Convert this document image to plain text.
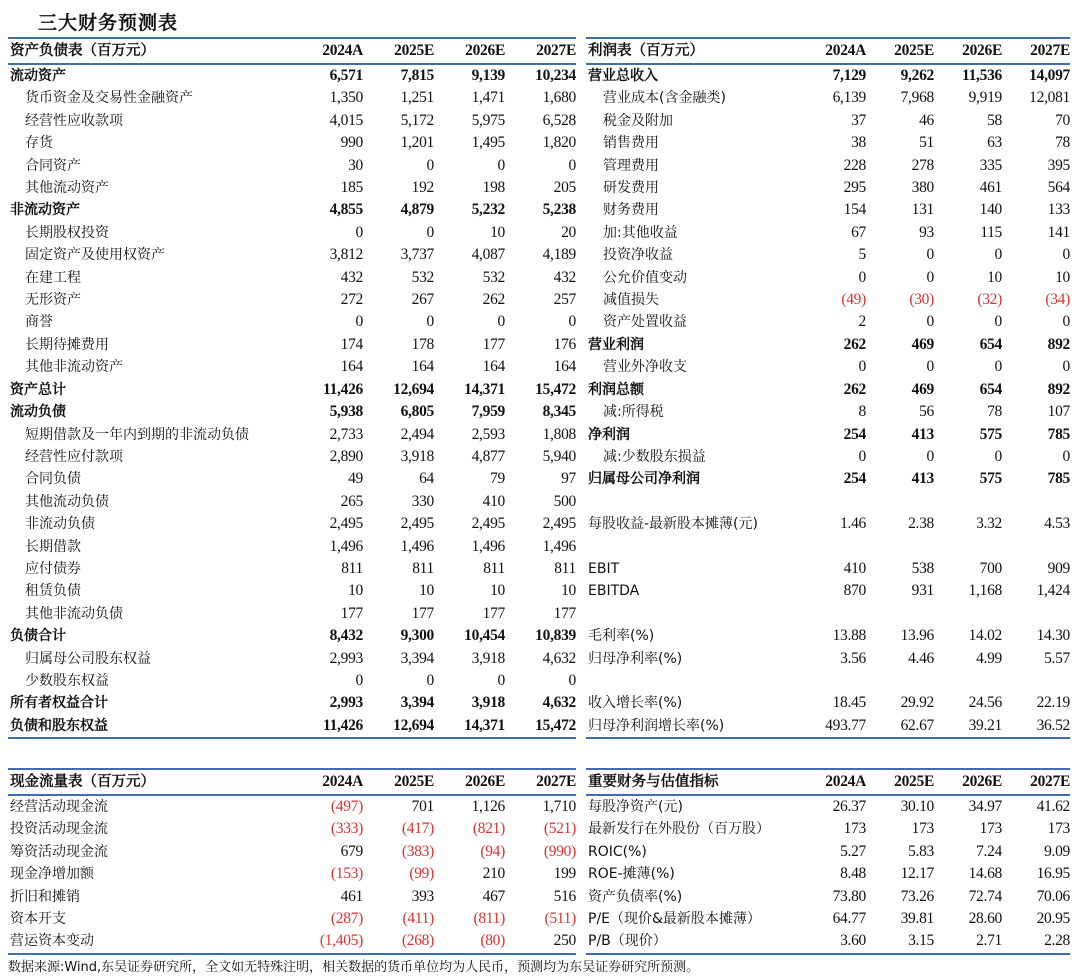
三大财务预测表
资产负债表（百万元）	2024A	2025E	2026E	2027E
流动资产	6,571	7,815	9,139	10,234
货币资金及交易性金融资产	1,350	1,251	1,471	1,680
经营性应收款项	4,015	5,172	5,975	6,528
存货	990	1,201	1,495	1,820
合同资产	30	0	0	0
其他流动资产	185	192	198	205
非流动资产	4,855	4,879	5,232	5,238
长期股权投资	0	0	10	20
固定资产及使用权资产	3,812	3,737	4,087	4,189
在建工程	432	532	532	432
无形资产	272	267	262	257
商誉	0	0	0	0
长期待摊费用	174	178	177	176
其他非流动资产	164	164	164	164
资产总计	11,426	12,694	14,371	15,472
流动负债	5,938	6,805	7,959	8,345
短期借款及一年内到期的非流动负债	2,733	2,494	2,593	1,808
经营性应付款项	2,890	3,918	4,877	5,940
合同负债	49	64	79	97
其他流动负债	265	330	410	500
非流动负债	2,495	2,495	2,495	2,495
长期借款	1,496	1,496	1,496	1,496
应付债券	811	811	811	811
租赁负债	10	10	10	10
其他非流动负债	177	177	177	177
负债合计	8,432	9,300	10,454	10,839
归属母公司股东权益	2,993	3,394	3,918	4,632
少数股东权益	0	0	0	0
所有者权益合计	2,993	3,394	3,918	4,632
负债和股东权益	11,426	12,694	14,371	15,472
利润表（百万元）	2024A	2025E	2026E	2027E
营业总收入	7,129	9,262	11,536	14,097
营业成本(含金融类)	6,139	7,968	9,919	12,081
税金及附加	37	46	58	70
销售费用	38	51	63	78
管理费用	228	278	335	395
研发费用	295	380	461	564
财务费用	154	131	140	133
加:其他收益	67	93	115	141
投资净收益	5	0	0	0
公允价值变动	0	0	10	10
减值损失	(49)	(30)	(32)	(34)
资产处置收益	2	0	0	0
营业利润	262	469	654	892
营业外净收支	0	0	0	0
利润总额	262	469	654	892
减:所得税	8	56	78	107
净利润	254	413	575	785
减:少数股东损益	0	0	0	0
归属母公司净利润	254	413	575	785

每股收益-最新股本摊薄(元)	1.46	2.38	3.32	4.53

EBIT	410	538	700	909
EBITDA	870	931	1,168	1,424

毛利率(%)	13.88	13.96	14.02	14.30
归母净利率(%)	3.56	4.46	4.99	5.57

收入增长率(%)	18.45	29.92	24.56	22.19
归母净利润增长率(%)	493.77	62.67	39.21	36.52
现金流量表（百万元）	2024A	2025E	2026E	2027E
经营活动现金流	(497)	701	1,126	1,710
投资活动现金流	(333)	(417)	(821)	(521)
筹资活动现金流	679	(383)	(94)	(990)
现金净增加额	(153)	(99)	210	199
折旧和摊销	461	393	467	516
资本开支	(287)	(411)	(811)	(511)
营运资本变动	(1,405)	(268)	(80)	250
重要财务与估值指标	2024A	2025E	2026E	2027E
每股净资产(元)	26.37	30.10	34.97	41.62
最新发行在外股份（百万股）	173	173	173	173
ROIC(%)	5.27	5.83	7.24	9.09
ROE-摊薄(%)	8.48	12.17	14.68	16.95
资产负债率(%)	73.80	73.26	72.74	70.06
P/E（现价&最新股本摊薄）	64.77	39.81	28.60	20.95
P/B（现价）	3.60	3.15	2.71	2.28
数据来源:Wind,东吴证券研究所，全文如无特殊注明，相关数据的货币单位均为人民币，预测均为东吴证券研究所预测。
